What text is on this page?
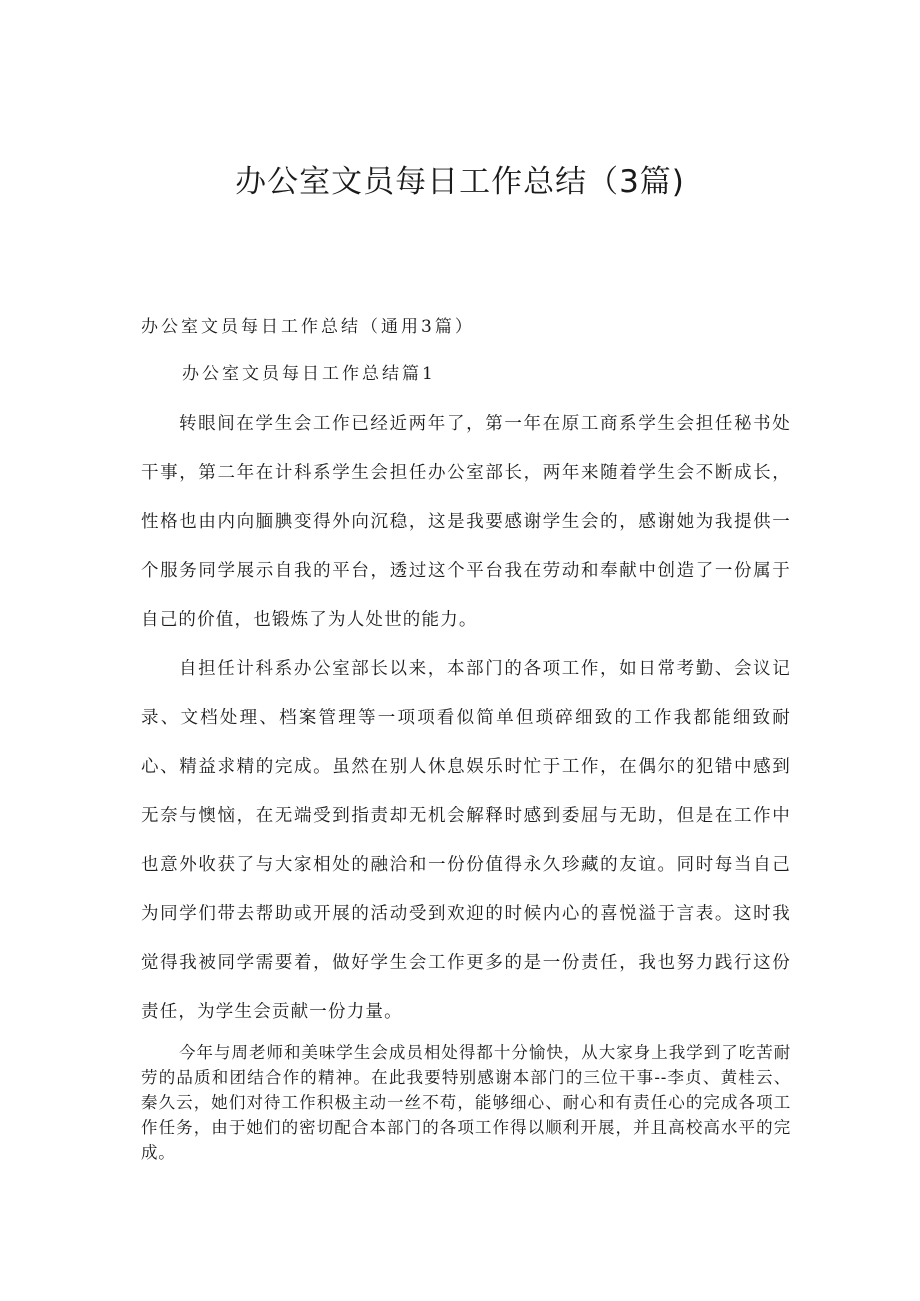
办公室文员每日工作总结（3篇)

办公室文员每日工作总结（通用3篇）

办公室文员每日工作总结篇1

转眼间在学生会工作已经近两年了，第一年在原工商系学生会担任秘书处干事，第二年在计科系学生会担任办公室部长，两年来随着学生会不断成长，性格也由内向腼腆变得外向沉稳，这是我要感谢学生会的，感谢她为我提供一个服务同学展示自我的平台，透过这个平台我在劳动和奉献中创造了一份属于自己的价值，也锻炼了为人处世的能力。

自担任计科系办公室部长以来，本部门的各项工作，如日常考勤、会议记录、文档处理、档案管理等一项项看似简单但琐碎细致的工作我都能细致耐心、精益求精的完成。虽然在别人休息娱乐时忙于工作，在偶尔的犯错中感到无奈与懊恼，在无端受到指责却无机会解释时感到委屈与无助，但是在工作中也意外收获了与大家相处的融洽和一份份值得永久珍藏的友谊。同时每当自己为同学们带去帮助或开展的活动受到欢迎的时候内心的喜悦溢于言表。这时我觉得我被同学需要着，做好学生会工作更多的是一份责任，我也努力践行这份责任，为学生会贡献一份力量。

今年与周老师和美味学生会成员相处得都十分愉快，从大家身上我学到了吃苦耐劳的品质和团结合作的精神。在此我要特别感谢本部门的三位干事--李贞、黄桂云、秦久云，她们对待工作积极主动一丝不苟，能够细心、耐心和有责任心的完成各项工作任务，由于她们的密切配合本部门的各项工作得以顺利开展，并且高校高水平的完成。
